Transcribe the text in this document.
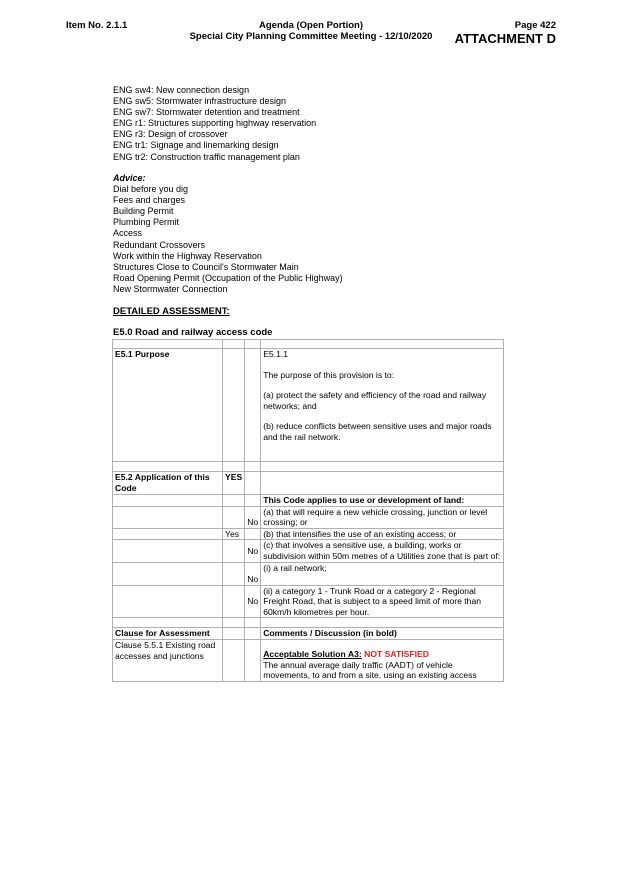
Item No. 2.1.1	Agenda (Open Portion)
Special City Planning Committee Meeting - 12/10/2020
Page 422
ATTACHMENT D
ENG sw4: New connection design
ENG sw5: Stormwater infrastructure design
ENG sw7: Stormwater detention and treatment
ENG r1: Structures supporting highway reservation
ENG r3: Design of crossover
ENG tr1: Signage and linemarking design
ENG tr2: Construction traffic management plan
Advice:
Dial before you dig
Fees and charges
Building Permit
Plumbing Permit
Access
Redundant Crossovers
Work within the Highway Reservation
Structures Close to Council's Stormwater Main
Road Opening Permit (Occupation of the Public Highway)
New Stormwater Connection
DETAILED ASSESSMENT:
E5.0 Road and railway access code

E5.1 Purpose			E5.1.1

The purpose of this provision is to:

(a) protect the safety and efficiency of the road and railway networks; and

(b) reduce conflicts between sensitive uses and major roads and the rail network.

E5.2 Application of this Code	YES		
			This Code applies to use or development of land:
		No	(a) that will require a new vehicle crossing, junction or level crossing; or
	Yes		(b) that intensifies the use of an existing access; or
		No	(c) that involves a sensitive use, a building, works or subdivision within 50m metres of a Utilities zone that is part of:
		No	(i) a rail network;
		No	(ii) a category 1 - Trunk Road or a category 2 - Regional Freight Road, that is subject to a speed limit of more than 60km/h kilometres per hour.

Clause for Assessment			Comments / Discussion (in bold)
Clause 5.5.1 Existing road accesses and junctions			Acceptable Solution A3: NOT SATISFIED
The annual average daily traffic (AADT) of vehicle movements, to and from a site, using an existing access
